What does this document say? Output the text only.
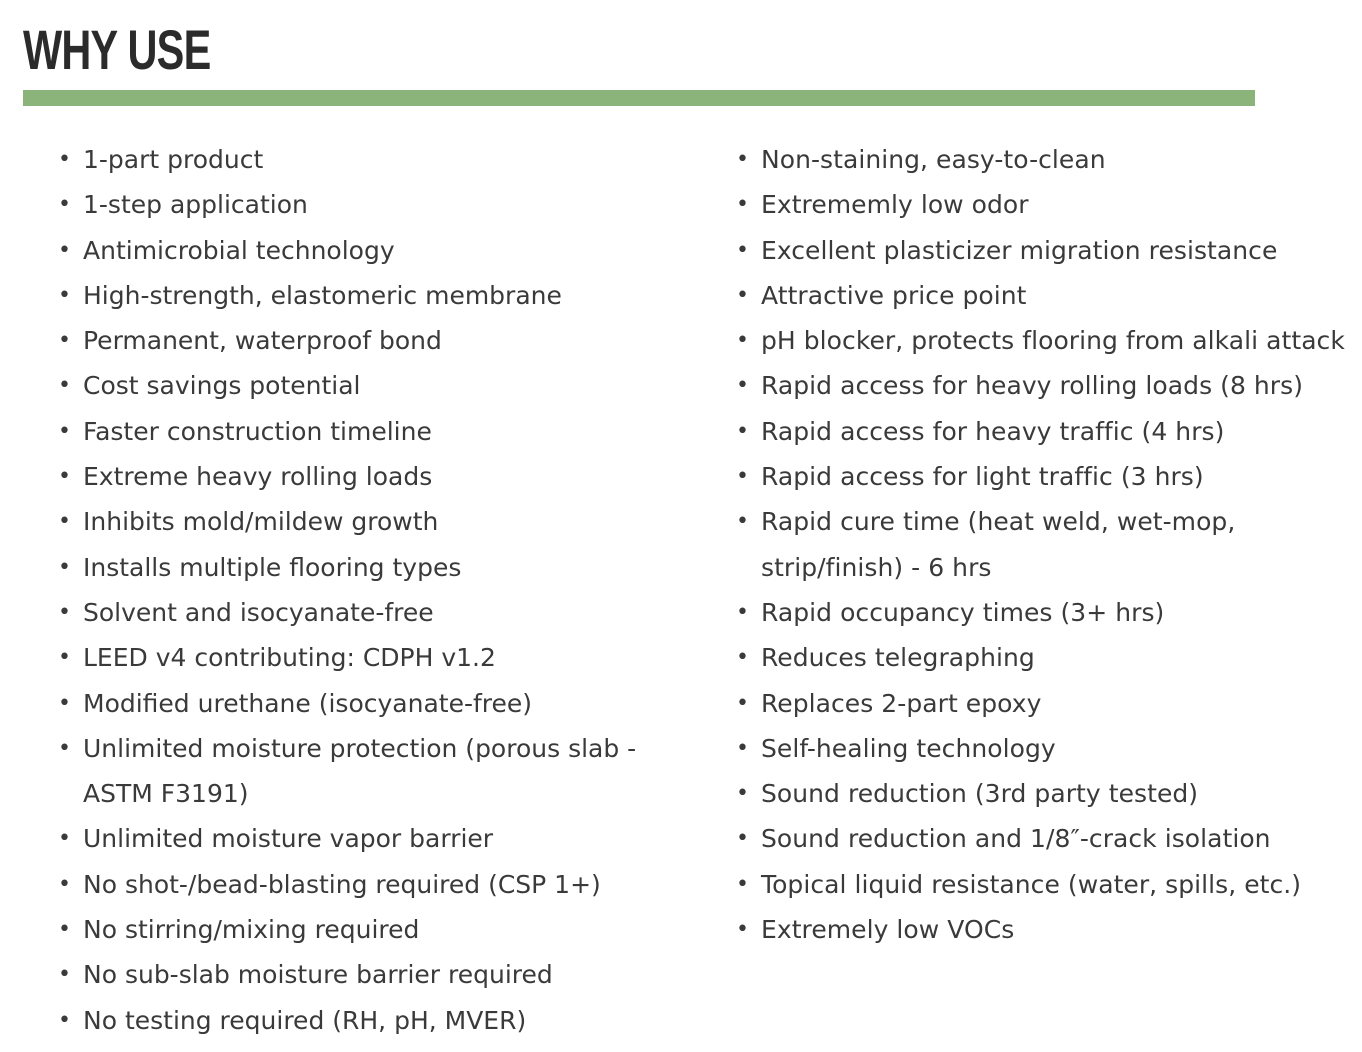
WHY USE
• 1-part product
• 1-step application
• Antimicrobial technology
• High-strength, elastomeric membrane
• Permanent, waterproof bond
• Cost savings potential
• Faster construction timeline
• Extreme heavy rolling loads
• Inhibits mold/mildew growth
• Installs multiple flooring types
• Solvent and isocyanate-free
• LEED v4 contributing: CDPH v1.2
• Modified urethane (isocyanate-free)
• Unlimited moisture protection (porous slab - ASTM F3191)
• Unlimited moisture vapor barrier
• No shot-/bead-blasting required (CSP 1+)
• No stirring/mixing required
• No sub-slab moisture barrier required
• No testing required (RH, pH, MVER)
• Non-staining, easy-to-clean
• Extrememly low odor
• Excellent plasticizer migration resistance
• Attractive price point
• pH blocker, protects flooring from alkali attack
• Rapid access for heavy rolling loads (8 hrs)
• Rapid access for heavy traffic (4 hrs)
• Rapid access for light traffic (3 hrs)
• Rapid cure time (heat weld, wet-mop, strip/finish) - 6 hrs
• Rapid occupancy times (3+ hrs)
• Reduces telegraphing
• Replaces 2-part epoxy
• Self-healing technology
• Sound reduction (3rd party tested)
• Sound reduction and 1/8″-crack isolation
• Topical liquid resistance (water, spills, etc.)
• Extremely low VOCs
